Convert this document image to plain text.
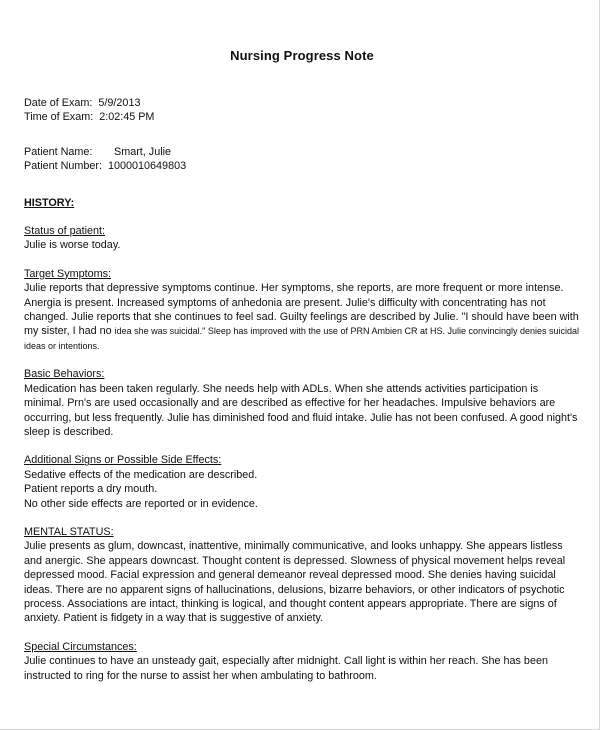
Nursing Progress Note
Date of Exam: 5/9/2013
Time of Exam: 2:02:45 PM
Patient Name: Smart, Julie
Patient Number: 1000010649803
HISTORY:
Status of patient:
Julie is worse today.
Target Symptoms:
Julie reports that depressive symptoms continue. Her symptoms, she reports, are more frequent or more intense. Anergia is present. Increased symptoms of anhedonia are present. Julie's difficulty with concentrating has not changed. Julie reports that she continues to feel sad. Guilty feelings are described by Julie. "I should have been with my sister, I had no idea she was suicidal." Sleep has improved with the use of PRN Ambien CR at HS. Julie convincingly denies suicidal ideas or intentions.
Basic Behaviors:
Medication has been taken regularly. She needs help with ADLs. When she attends activities participation is minimal. Prn's are used occasionally and are described as effective for her headaches. Impulsive behaviors are occurring, but less frequently. Julie has diminished food and fluid intake. Julie has not been confused. A good night's sleep is described.
Additional Signs or Possible Side Effects:
Sedative effects of the medication are described.
Patient reports a dry mouth.
No other side effects are reported or in evidence.
MENTAL STATUS:
Julie presents as glum, downcast, inattentive, minimally communicative, and looks unhappy. She appears listless and anergic. She appears downcast. Thought content is depressed. Slowness of physical movement helps reveal depressed mood. Facial expression and general demeanor reveal depressed mood. She denies having suicidal ideas. There are no apparent signs of hallucinations, delusions, bizarre behaviors, or other indicators of psychotic process. Associations are intact, thinking is logical, and thought content appears appropriate. There are signs of anxiety. Patient is fidgety in a way that is suggestive of anxiety.
Special Circumstances:
Julie continues to have an unsteady gait, especially after midnight. Call light is within her reach. She has been instructed to ring for the nurse to assist her when ambulating to bathroom.
